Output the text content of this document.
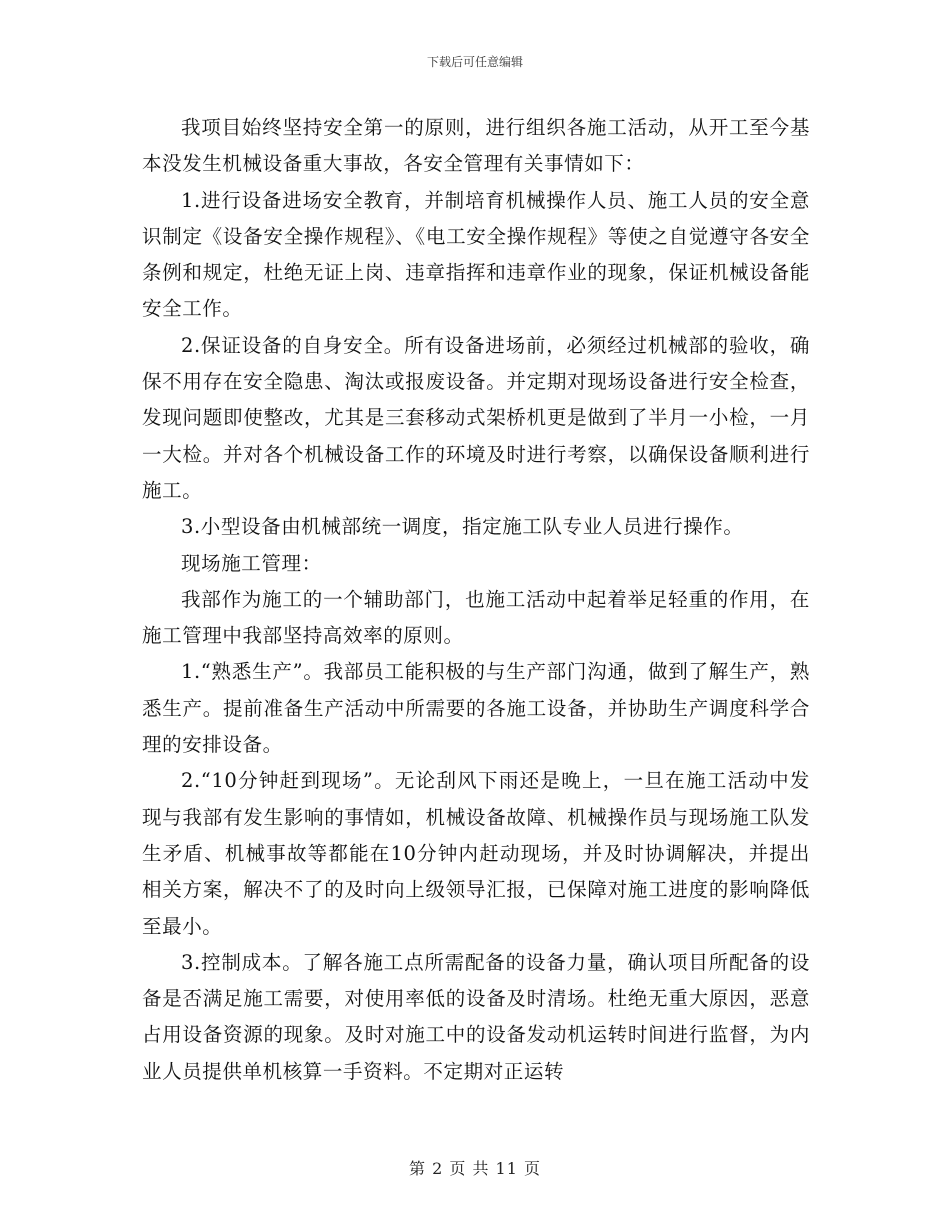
下载后可任意编辑

我项目始终坚持安全第一的原则，进行组织各施工活动，从开工至今基本没发生机械设备重大事故，各安全管理有关事情如下：

1.进行设备进场安全教育，并制培育机械操作人员、施工人员的安全意识制定《设备安全操作规程》、《电工安全操作规程》等使之自觉遵守各安全条例和规定，杜绝无证上岗、违章指挥和违章作业的现象，保证机械设备能安全工作。

2.保证设备的自身安全。所有设备进场前，必须经过机械部的验收，确保不用存在安全隐患、淘汰或报废设备。并定期对现场设备进行安全检查，发现问题即使整改，尤其是三套移动式架桥机更是做到了半月一小检，一月一大检。并对各个机械设备工作的环境及时进行考察，以确保设备顺利进行施工。

3.小型设备由机械部统一调度，指定施工队专业人员进行操作。

现场施工管理：

我部作为施工的一个辅助部门，也施工活动中起着举足轻重的作用，在施工管理中我部坚持高效率的原则。

1.“熟悉生产”。我部员工能积极的与生产部门沟通，做到了解生产，熟悉生产。提前准备生产活动中所需要的各施工设备，并协助生产调度科学合理的安排设备。

2.“10分钟赶到现场”。无论刮风下雨还是晚上，一旦在施工活动中发现与我部有发生影响的事情如，机械设备故障、机械操作员与现场施工队发生矛盾、机械事故等都能在10分钟内赶动现场，并及时协调解决，并提出相关方案，解决不了的及时向上级领导汇报，已保障对施工进度的影响降低至最小。

3.控制成本。了解各施工点所需配备的设备力量，确认项目所配备的设备是否满足施工需要，对使用率低的设备及时清场。杜绝无重大原因，恶意占用设备资源的现象。及时对施工中的设备发动机运转时间进行监督，为内业人员提供单机核算一手资料。不定期对正运转

第 2 页 共 11 页
